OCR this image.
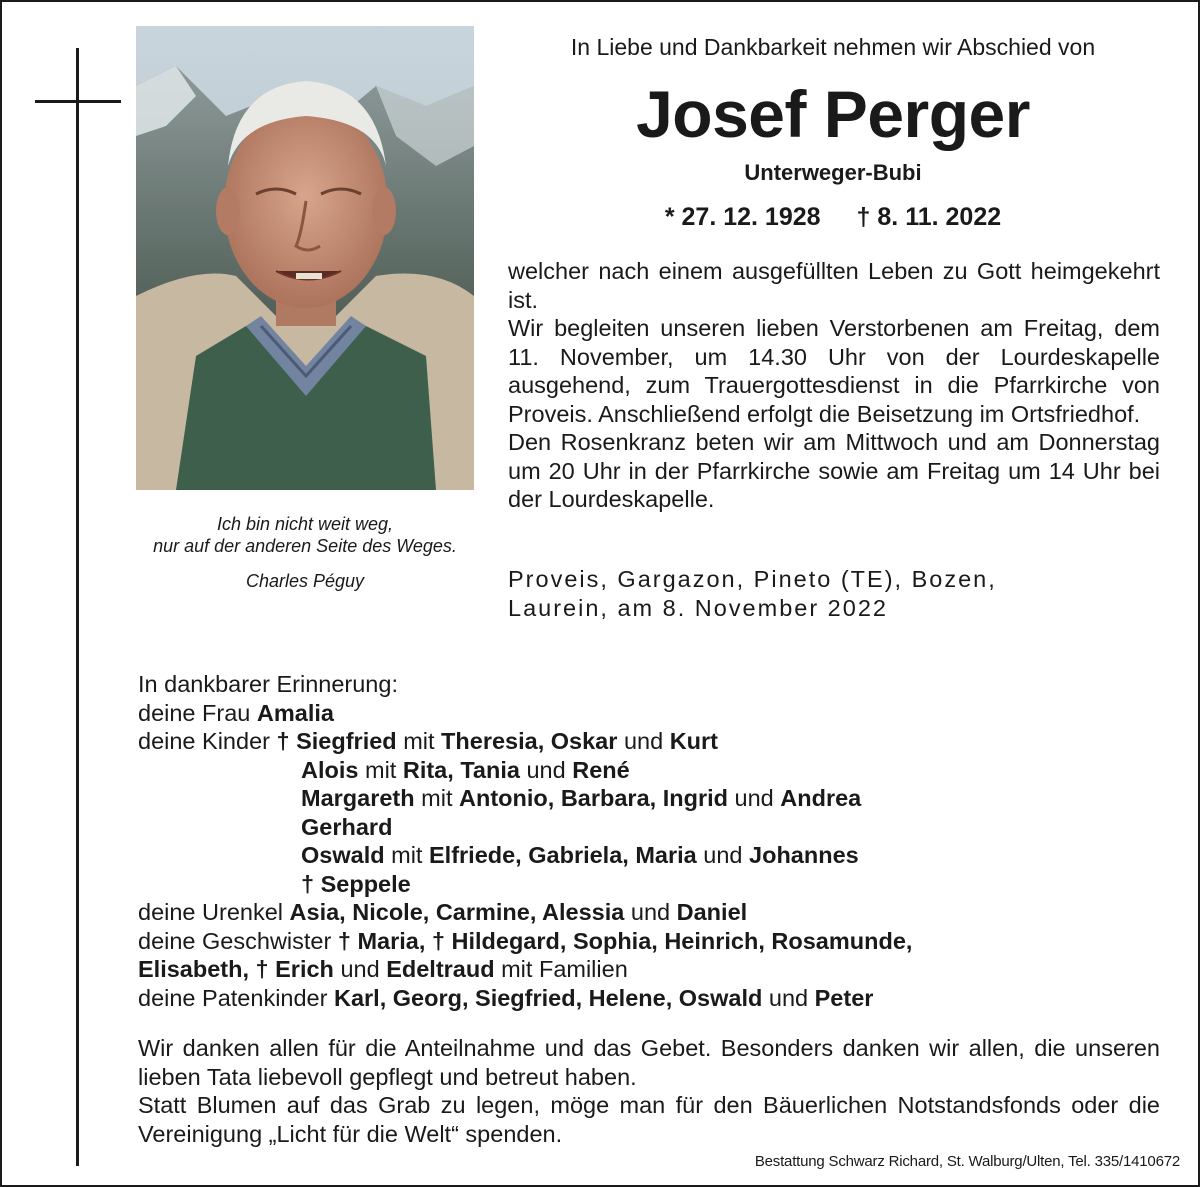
Ich bin nicht weit weg,
nur auf der anderen Seite des Weges.
Charles Péguy
In Liebe und Dankbarkeit nehmen wir Abschied von
Josef Perger
Unterweger-Bubi
* 27. 12. 1928 † 8. 11. 2022

welcher nach einem ausgefüllten Leben zu Gott heimgekehrt ist.

Wir begleiten unseren lieben Verstorbenen am Freitag, dem 11. November, um 14.30 Uhr von der Lourdeskapelle ausgehend, zum Trauergottesdienst in die Pfarrkirche von Proveis. Anschließend erfolgt die Beisetzung im Ortsfriedhof.

Den Rosenkranz beten wir am Mittwoch und am Donnerstag um 20 Uhr in der Pfarrkirche sowie am Freitag um 14 Uhr bei der Lourdeskapelle.

Proveis, Gargazon, Pineto (TE), Bozen,
Laurein, am 8. November 2022
In dankbarer Erinnerung:
deine Frau Amalia
deine Kinder † Siegfried mit Theresia, Oskar und Kurt
Alois mit Rita, Tania und René
Margareth mit Antonio, Barbara, Ingrid und Andrea
Gerhard
Oswald mit Elfriede, Gabriela, Maria und Johannes
† Seppele
deine Urenkel Asia, Nicole, Carmine, Alessia und Daniel
deine Geschwister † Maria, † Hildegard, Sophia, Heinrich, Rosamunde,
Elisabeth, † Erich und Edeltraud mit Familien
deine Patenkinder Karl, Georg, Siegfried, Helene, Oswald und Peter

Wir danken allen für die Anteilnahme und das Gebet. Besonders danken wir allen, die unseren lieben Tata liebevoll gepflegt und betreut haben.

Statt Blumen auf das Grab zu legen, möge man für den Bäuerlichen Notstandsfonds oder die Vereinigung „Licht für die Welt“ spenden.

Bestattung Schwarz Richard, St. Walburg/Ulten, Tel. 335/1410672
